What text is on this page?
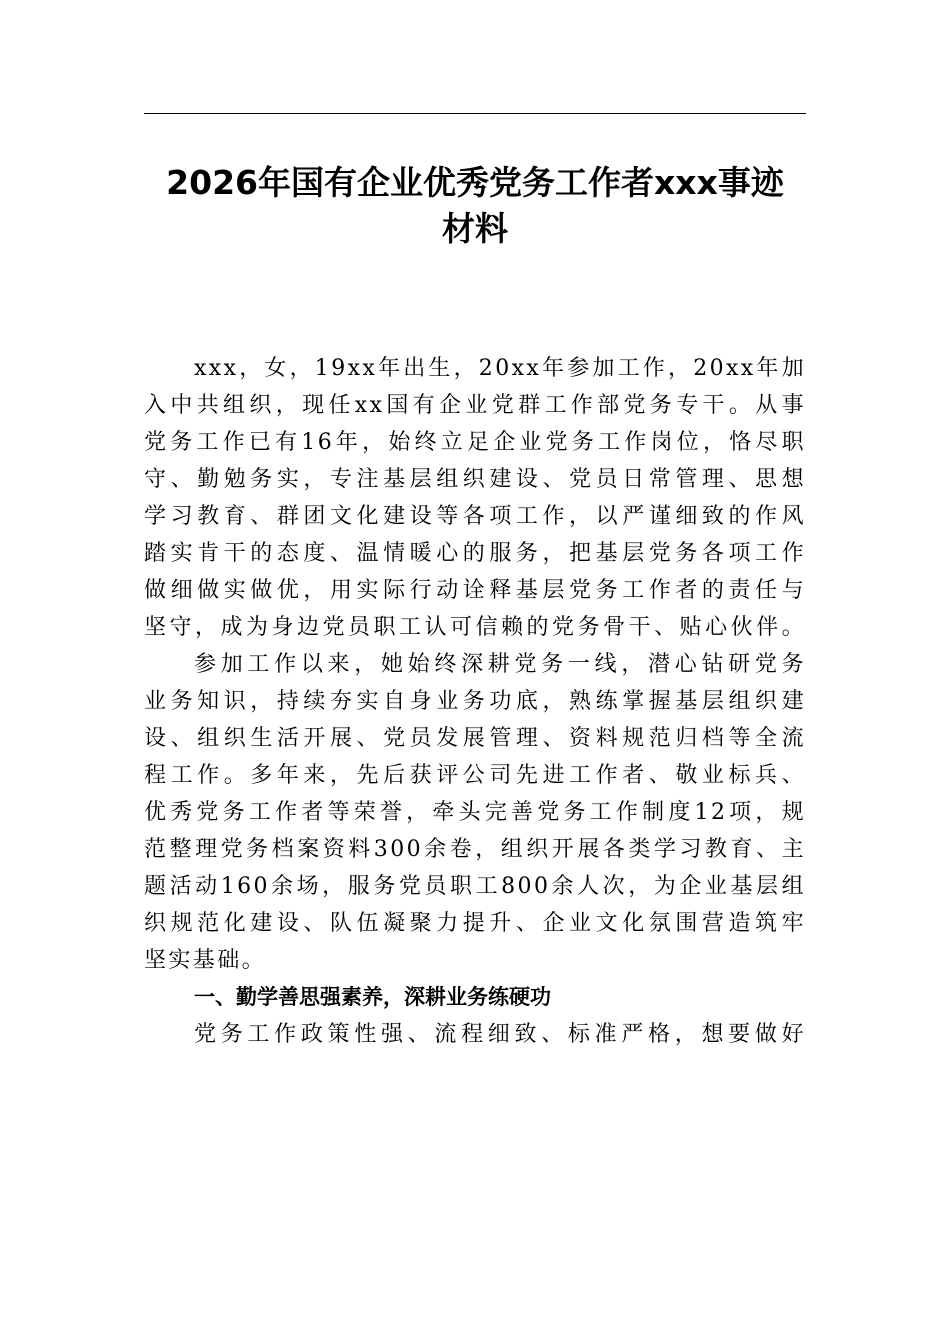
2026年国有企业优秀党务工作者xxx事迹
材料

xxx，女，19xx年出生，20xx年参加工作，20xx年加
入中共组织，现任xx国有企业党群工作部党务专干。从事
党务工作已有16年，始终立足企业党务工作岗位，恪尽职
守、勤勉务实，专注基层组织建设、党员日常管理、思想
学习教育、群团文化建设等各项工作，以严谨细致的作风
踏实肯干的态度、温情暖心的服务，把基层党务各项工作
做细做实做优，用实际行动诠释基层党务工作者的责任与
坚守，成为身边党员职工认可信赖的党务骨干、贴心伙伴。

参加工作以来，她始终深耕党务一线，潜心钻研党务
业务知识，持续夯实自身业务功底，熟练掌握基层组织建
设、组织生活开展、党员发展管理、资料规范归档等全流
程工作。多年来，先后获评公司先进工作者、敬业标兵、
优秀党务工作者等荣誉，牵头完善党务工作制度12项，规
范整理党务档案资料300余卷，组织开展各类学习教育、主
题活动160余场，服务党员职工800余人次，为企业基层组
织规范化建设、队伍凝聚力提升、企业文化氛围营造筑牢
坚实基础。

一、勤学善思强素养，深耕业务练硬功

党务工作政策性强、流程细致、标准严格，想要做好
